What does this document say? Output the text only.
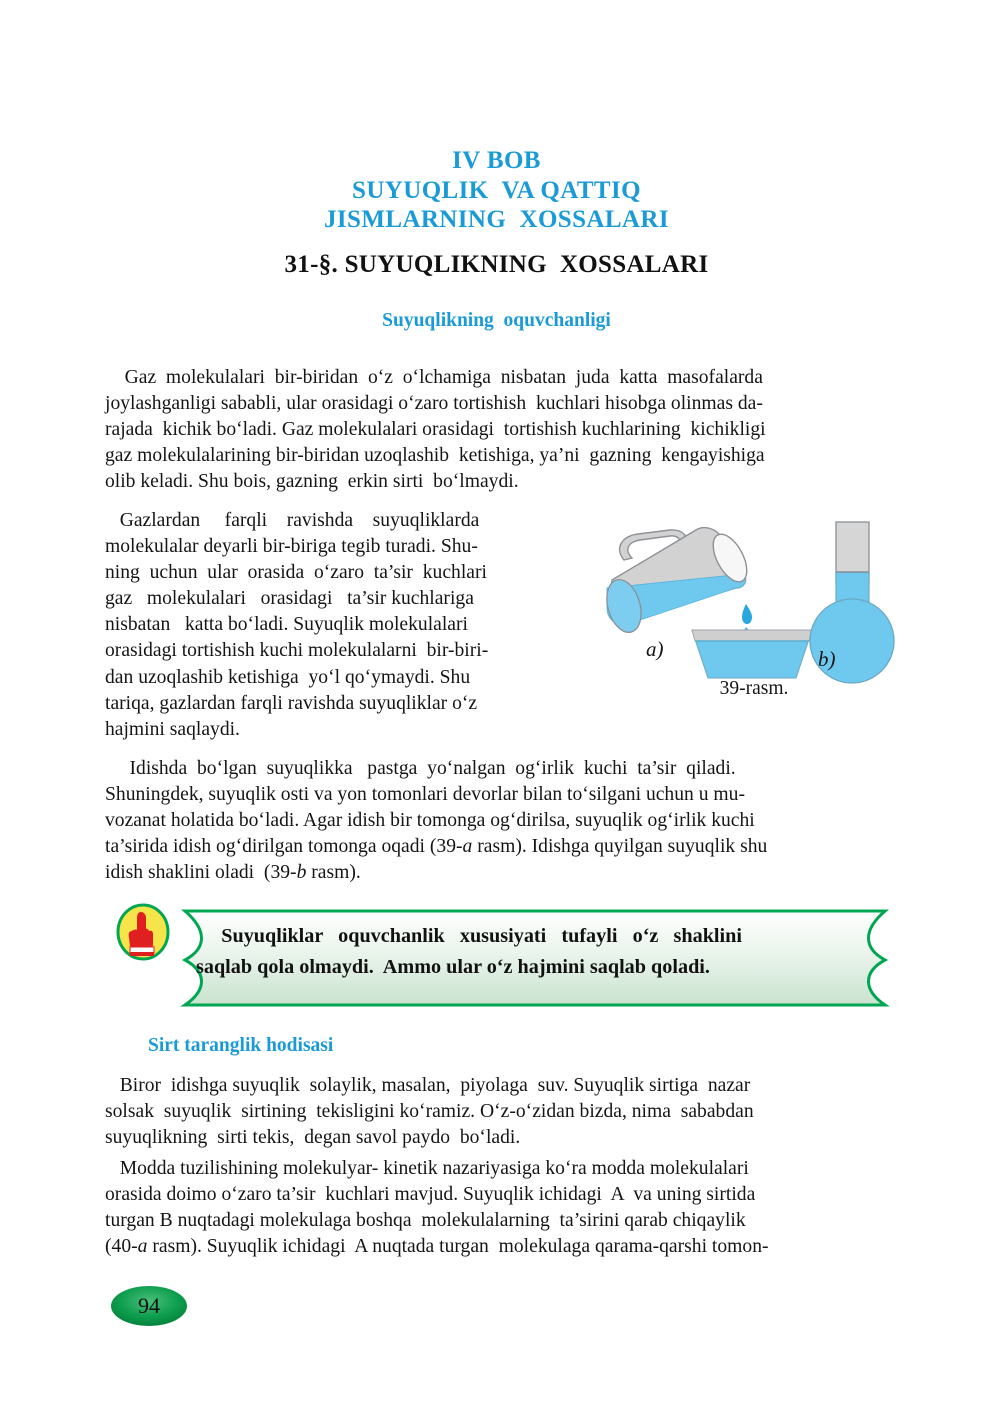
IV BOB
SUYUQLIK  VA QATTIQ
JISMLARNING  XOSSALARI
31-§. SUYUQLIKNING  XOSSALARI
Suyuqlikning  oquvchanligi
Gaz  molekulalari  bir-biridan  o‘z  o‘lchamiga  nisbatan  juda  katta  masofalarda
joylashganligi sababli, ular orasidagi o‘zaro tortishish  kuchlari hisobga olinmas da-
rajada  kichik bo‘ladi. Gaz molekulalari orasidagi  tortishish kuchlarining  kichikligi
gaz molekulalarining bir-biridan uzoqlashib  ketishiga, ya’ni  gazning  kengayishiga
olib keladi. Shu bois, gazning  erkin sirti  bo‘lmaydi.
Gazlardan     farqli    ravishda    suyuqliklarda
molekulalar deyarli bir-biriga tegib turadi. Shu-
ning  uchun  ular  orasida  o‘zaro  ta’sir  kuchlari
gaz   molekulalari   orasidagi   ta’sir kuchlariga
nisbatan   katta bo‘ladi. Suyuqlik molekulalari
orasidagi tortishish kuchi molekulalarni  bir-biri-
dan uzoqlashib ketishiga  yo‘l qo‘ymaydi. Shu
tariqa, gazlardan farqli ravishda suyuqliklar o‘z
hajmini saqlaydi.
a)	b)
39-rasm.
Idishda  bo‘lgan  suyuqlikka   pastga  yo‘nalgan  og‘irlik  kuchi  ta’sir  qiladi.
Shuningdek, suyuqlik osti va yon tomonlari devorlar bilan to‘silgani uchun u mu-
vozanat holatida bo‘ladi. Agar idish bir tomonga og‘dirilsa, suyuqlik og‘irlik kuchi
ta’sirida idish og‘dirilgan tomonga oqadi (39-a rasm). Idishga quyilgan suyuqlik shu
idish shaklini oladi  (39-b rasm).
Suyuqliklar   oquvchanlik   xususiyati   tufayli   o‘z   shaklini
saqlab qola olmaydi.  Ammo ular o‘z hajmini saqlab qoladi.
Sirt taranglik hodisasi
Biror  idishga suyuqlik  solaylik, masalan,  piyolaga  suv. Suyuqlik sirtiga  nazar
solsak  suyuqlik  sirtining  tekisligini ko‘ramiz. O‘z-o‘zidan bizda, nima  sababdan
suyuqlikning  sirti tekis,  degan savol paydo  bo‘ladi.
Modda tuzilishining molekulyar- kinetik nazariyasiga ko‘ra modda molekulalari
orasida doimo o‘zaro ta’sir  kuchlari mavjud. Suyuqlik ichidagi  A  va uning sirtida
turgan B nuqtadagi molekulaga boshqa  molekulalarning  ta’sirini qarab chiqaylik
(40-a rasm). Suyuqlik ichidagi  A nuqtada turgan  molekulaga qarama-qarshi tomon-
94
